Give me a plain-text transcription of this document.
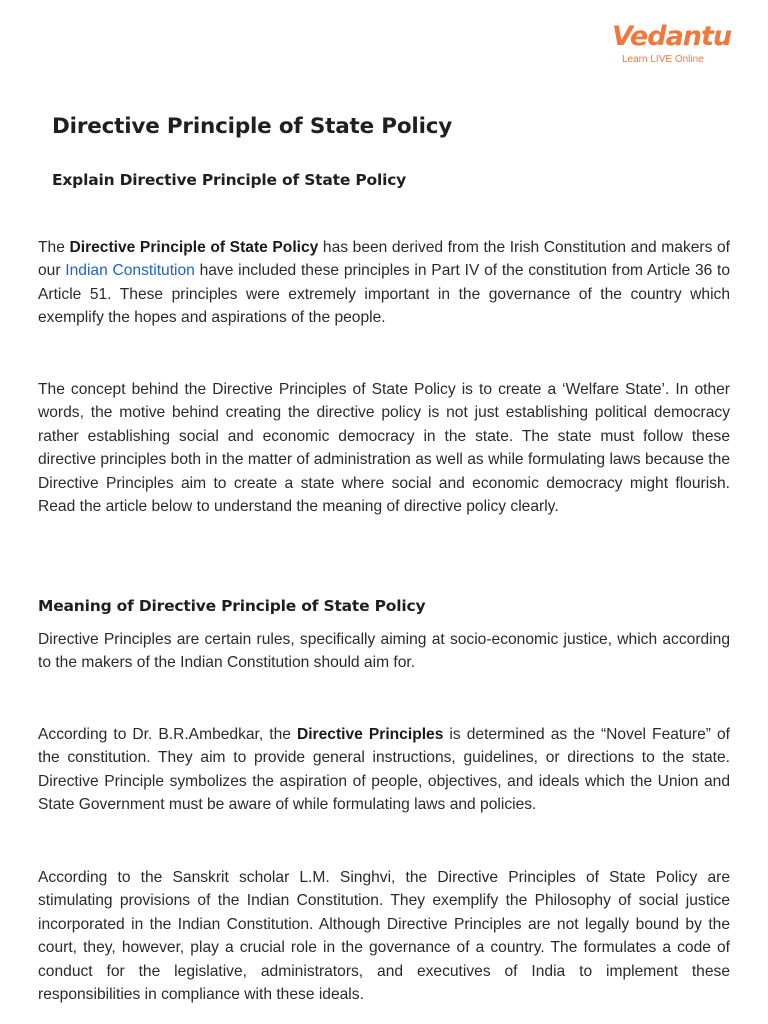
Vedantu
Learn LIVE Online
Directive Principle of State Policy
Explain Directive Principle of State Policy

The Directive Principle of State Policy has been derived from the Irish Constitution and makers of our Indian Constitution have included these principles in Part IV of the constitution from Article 36 to Article 51. These principles were extremely important in the governance of the country which exemplify the hopes and aspirations of the people.

The concept behind the Directive Principles of State Policy is to create a ‘Welfare State’. In other words, the motive behind creating the directive policy is not just establishing political democracy rather establishing social and economic democracy in the state. The state must follow these directive principles both in the matter of administration as well as while formulating laws because the Directive Principles aim to create a state where social and economic democracy might flourish. Read the article below to understand the meaning of directive policy clearly.

Meaning of Directive Principle of State Policy

Directive Principles are certain rules, specifically aiming at socio-economic justice, which according to the makers of the Indian Constitution should aim for.

According to Dr. B.R.Ambedkar, the Directive Principles is determined as the “Novel Feature” of the constitution. They aim to provide general instructions, guidelines, or directions to the state. Directive Principle symbolizes the aspiration of people, objectives, and ideals which the Union and State Government must be aware of while formulating laws and policies.

According to the Sanskrit scholar L.M. Singhvi, the Directive Principles of State Policy are stimulating provisions of the Indian Constitution. They exemplify the Philosophy of social justice incorporated in the Indian Constitution. Although Directive Principles are not legally bound by the court, they, however, play a crucial role in the governance of a country. The formulates a code of conduct for the legislative, administrators, and executives of India to implement these responsibilities in compliance with these ideals.
